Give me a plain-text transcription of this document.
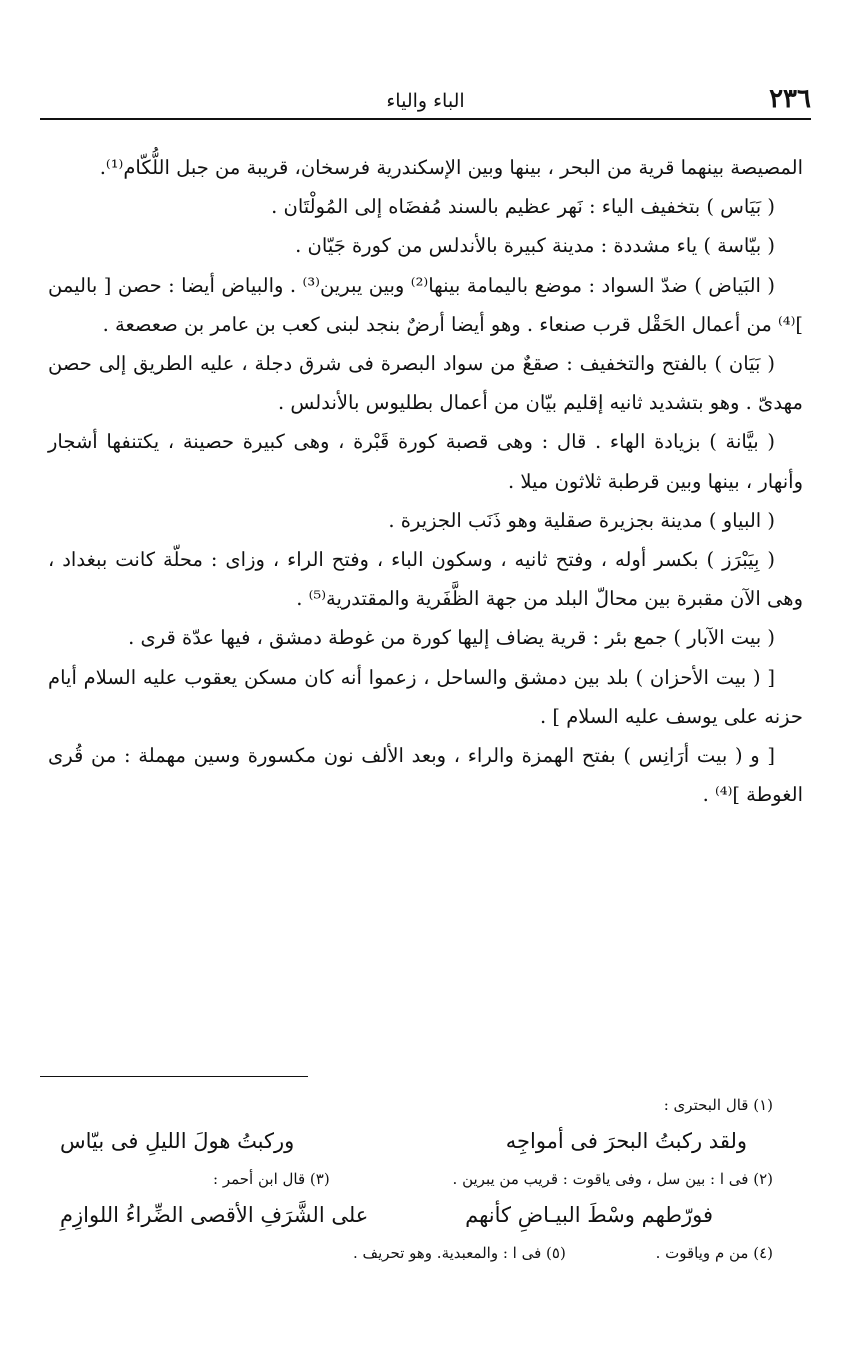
٢٣٦
الباء والياء

المصيصة بينهما قرية من البحر ، بينها وبين الإسكندرية فرسخان، قريبة من جبل اللُّكّام⁽¹⁾.

( بَيَاس ) بتخفيف الياء : نَهر عظيم بالسند مُفضَاه إلى المُولْتَان .

( بيّاسة ) ياء مشددة : مدينة كبيرة بالأندلس من كورة جَيّان .

( البَياض ) ضدّ السواد : موضع باليمامة بينها⁽²⁾ وبين يبرين⁽³⁾ . والبياض أيضا : حصن [ باليمن ]⁽⁴⁾ من أعمال الحَقْل قرب صنعاء . وهو أيضا أرضٌ بنجد لبنى كعب بن عامر بن صعصعة .

( بَيَان ) بالفتح والتخفيف : صقعٌ من سواد البصرة فى شرق دجلة ، عليه الطريق إلى حصن مهدىّ . وهو بتشديد ثانيه إقليم بيّان من أعمال بطليوس بالأندلس .

( بيَّانة ) بزيادة الهاء . قال : وهى قصبة كورة قَبْرة ، وهى كبيرة حصينة ، يكتنفها أشجار وأنهار ، بينها وبين قرطبة ثلاثون ميلا .

( البياو ) مدينة بجزيرة صقلية وهو ذَنَب الجزيرة .

( بِيَبْرَز ) بكسر أوله ، وفتح ثانيه ، وسكون الباء ، وفتح الراء ، وزاى : محلّة كانت ببغداد ، وهى الآن مقبرة بين محالّ البلد من جهة الظَّفَرية والمقتدرية⁽⁵⁾ .

( بيت الآبار ) جمع بئر : قرية يضاف إليها كورة من غوطة دمشق ، فيها عدّة قرى .

[ ( بيت الأحزان ) بلد بين دمشق والساحل ، زعموا أنه كان مسكن يعقوب عليه السلام أيام حزنه على يوسف عليه السلام ] .

[ و ( بيت أرَانِس ) بفتح الهمزة والراء ، وبعد الألف نون مكسورة وسين مهملة : من قُرى الغوطة ]⁽⁴⁾ .

(١) قال البحترى :

ولقد ركبتُ البحرَ فى أمواجِه
وركبتُ هولَ الليلِ فى بيّاس
(٢) فى ا : بين سل ، وفى ياقوت : قريب من يبرين .
(٣) قال ابن أحمر :
فورّطهم وسْطَ البيـاضِ كأنهم
على الشَّرَفِ الأقصى الضِّراءُ اللوازِمِ
(٤) من م وياقوت .
(٥) فى ا : والمعبدية. وهو تحريف .
